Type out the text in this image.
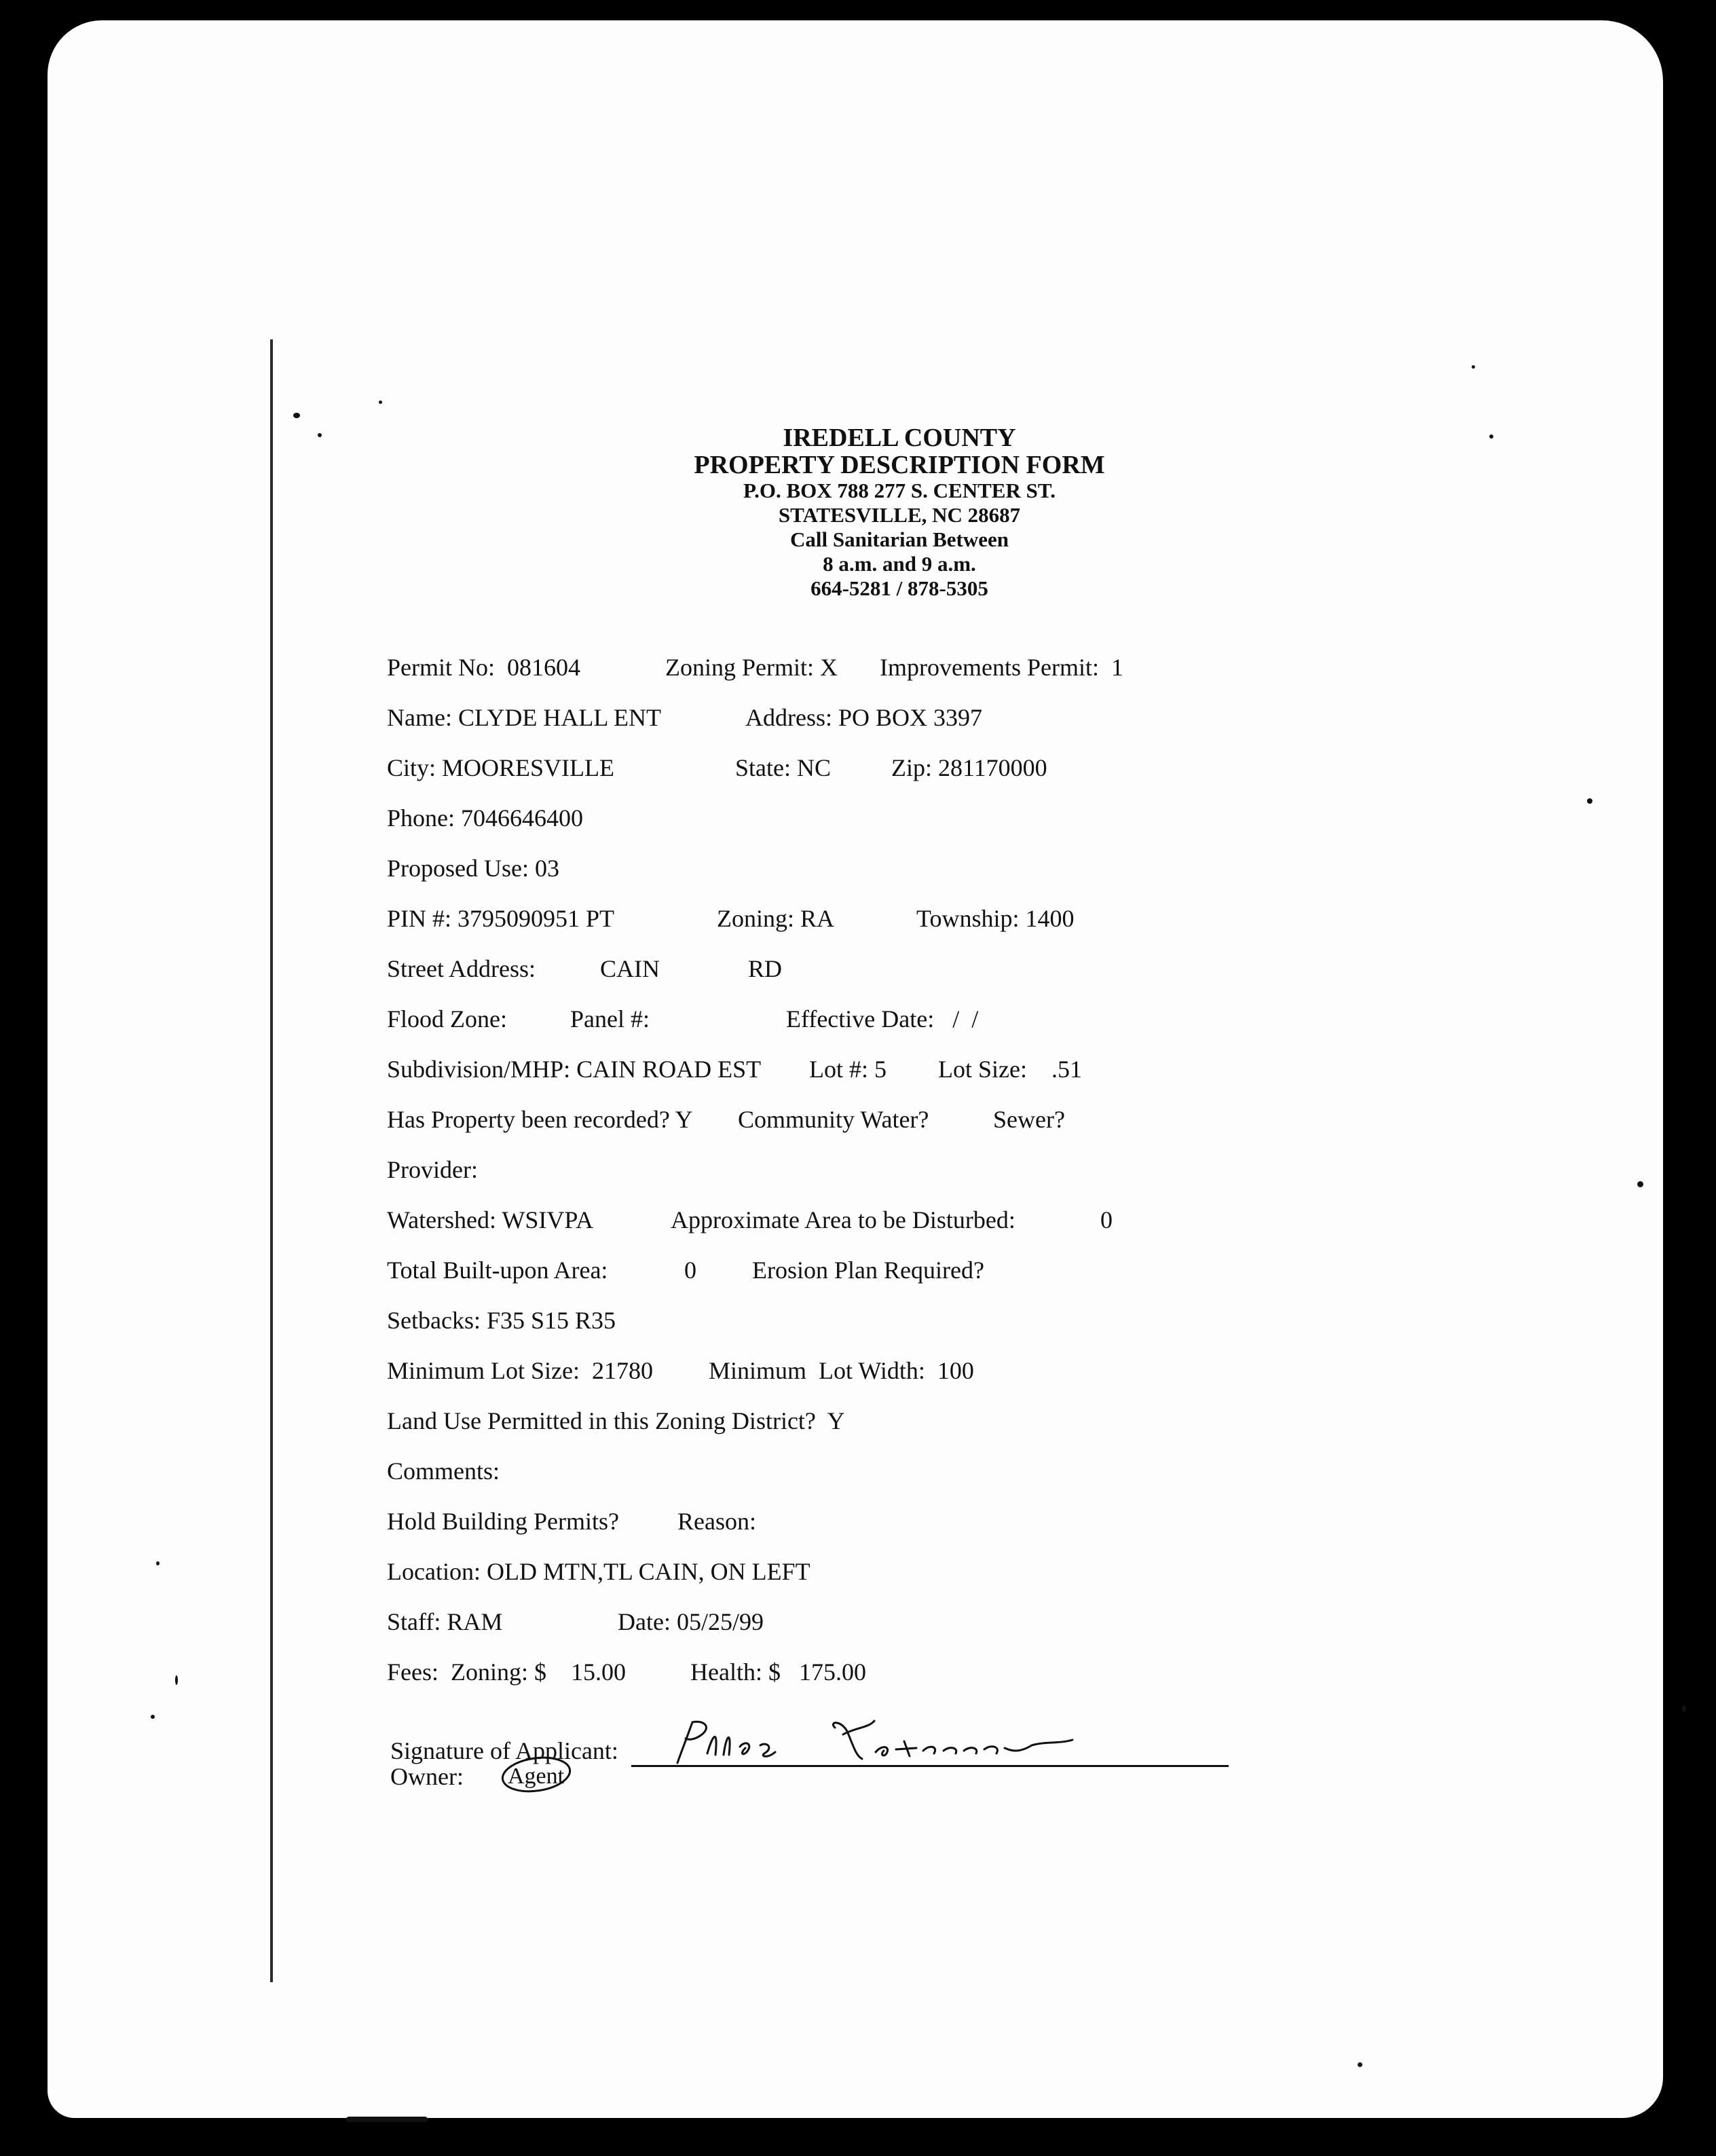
IREDELL COUNTY
PROPERTY DESCRIPTION FORM
P.O. BOX 788 277 S. CENTER ST.
STATESVILLE, NC 28687
Call Sanitarian Between
8 a.m. and 9 a.m.
664-5281 / 878-5305
Permit No:  081604	Zoning Permit: X Improvements Permit:  1
Name: CLYDE HALL ENT	Address: PO BOX 3397
City: MOORESVILLE	State: NC Zip: 281170000
Phone: 7046646400
Proposed Use: 03
PIN #: 3795090951 PT	Zoning: RA	Township: 1400
Street Address:	CAIN	RD
Flood Zone:	Panel #:	Effective Date:   /  /
Subdivision/MHP: CAIN ROAD EST Lot #: 5 Lot Size:    .51
Has Property been recorded? Y Community Water?	Sewer?
Provider:
Watershed: WSIVPA	Approximate Area to be Disturbed:	0
Total Built-upon Area:	0 Erosion Plan Required?
Setbacks: F35 S15 R35
Minimum Lot Size:  21780 Minimum  Lot Width:  100
Land Use Permitted in this Zoning District?  Y
Comments:
Hold Building Permits? Reason:
Location: OLD MTN,TL CAIN, ON LEFT
Staff: RAM	Date: 05/25/99
Fees:  Zoning: $    15.00	Health: $   175.00
Signature of Applicant:
Owner: Agent
